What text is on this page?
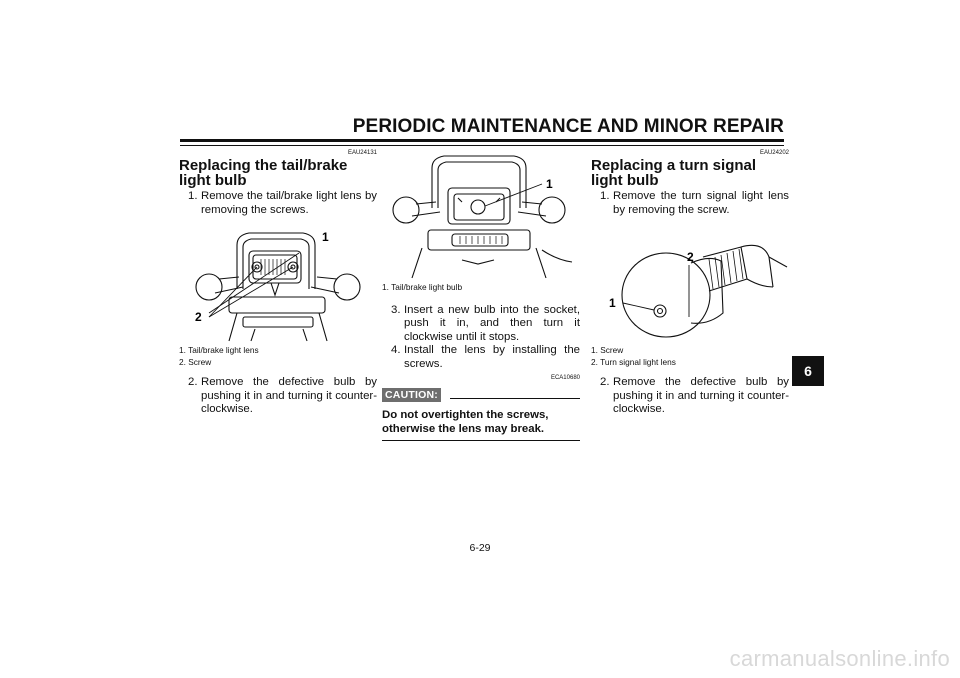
PERIODIC MAINTENANCE AND MINOR REPAIR
EAU24131
Replacing the tail/brake light bulb

1. Remove the tail/brake light lens by removing the screws.

1
2

1. Tail/brake light lens

2. Screw

2. Remove the defective bulb by pushing it in and turning it counter-clockwise.

1

1. Tail/brake light bulb

3. Insert a new bulb into the socket, push it in, and then turn it clockwise until it stops.

4. Install the lens by installing the screws.

ECA10680
CAUTION:
Do not overtighten the screws, otherwise the lens may break.
EAU24202
Replacing a turn signal light bulb

1. Remove the turn signal light lens by removing the screw.

2
1

1. Screw

2. Turn signal light lens

2. Remove the defective bulb by pushing it in and turning it counter-clockwise.

6
6-29
carmanualsonline.info
